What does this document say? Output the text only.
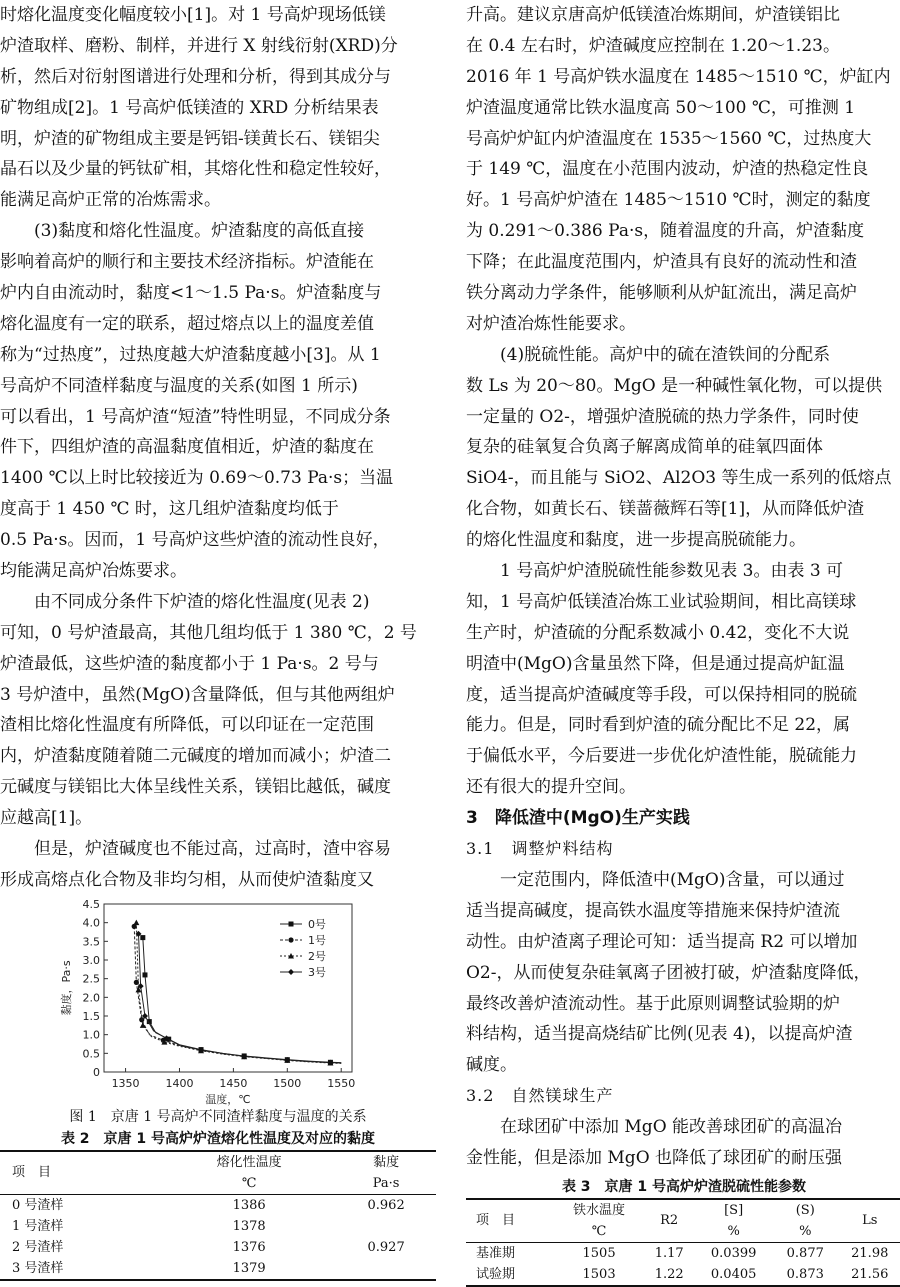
时熔化温度变化幅度较小[1]。对 1 号高炉现场低镁
炉渣取样、磨粉、制样，并进行 X 射线衍射(XRD)分
析，然后对衍射图谱进行处理和分析，得到其成分与
矿物组成[2]。1 号高炉低镁渣的 XRD 分析结果表
明，炉渣的矿物组成主要是钙铝-镁黄长石、镁铝尖
晶石以及少量的钙钛矿相，其熔化性和稳定性较好，
能满足高炉正常的冶炼需求。
(3)黏度和熔化性温度。炉渣黏度的高低直接
影响着高炉的顺行和主要技术经济指标。炉渣能在
炉内自由流动时，黏度<1～1.5 Pa·s。炉渣黏度与
熔化温度有一定的联系，超过熔点以上的温度差值
称为“过热度”，过热度越大炉渣黏度越小[3]。从 1
号高炉不同渣样黏度与温度的关系(如图 1 所示)
可以看出，1 号高炉渣“短渣”特性明显，不同成分条
件下，四组炉渣的高温黏度值相近，炉渣的黏度在
1400 ℃以上时比较接近为 0.69～0.73 Pa·s；当温
度高于 1 450 ℃ 时，这几组炉渣黏度均低于
0.5 Pa·s。因而，1 号高炉这些炉渣的流动性良好，
均能满足高炉冶炼要求。
由不同成分条件下炉渣的熔化性温度(见表 2)
可知，0 号炉渣最高，其他几组均低于 1 380 ℃，2 号
炉渣最低，这些炉渣的黏度都小于 1 Pa·s。2 号与
3 号炉渣中，虽然(MgO)含量降低，但与其他两组炉
渣相比熔化性温度有所降低，可以印证在一定范围
内，炉渣黏度随着随二元碱度的增加而减小；炉渣二
元碱度与镁铝比大体呈线性关系，镁铝比越低，碱度
应越高[1]。
但是，炉渣碱度也不能过高，过高时，渣中容易
形成高熔点化合物及非均匀相，从而使炉渣黏度又
0
0.5
1.0
1.5
2.0
2.5
3.0
3.5
4.0
4.5
1350 1400 1450 1500 1550
温度，℃
黏度，Pa·s
0号
1号
2号
3号
图 1　京唐 1 号高炉不同渣样黏度与温度的关系
表 2　京唐 1 号高炉炉渣熔化性温度及对应的黏度
项　目	熔化性温度	黏度
	℃	Pa·s
0 号渣样	1386	0.962
1 号渣样	1378	
2 号渣样	1376	0.927
3 号渣样	1379	
升高。建议京唐高炉低镁渣冶炼期间，炉渣镁铝比
在 0.4 左右时，炉渣碱度应控制在 1.20～1.23。
2016 年 1 号高炉铁水温度在 1485～1510 ℃，炉缸内
炉渣温度通常比铁水温度高 50～100 ℃，可推测 1
号高炉炉缸内炉渣温度在 1535～1560 ℃，过热度大
于 149 ℃，温度在小范围内波动，炉渣的热稳定性良
好。1 号高炉炉渣在 1485～1510 ℃时，测定的黏度
为 0.291～0.386 Pa·s，随着温度的升高，炉渣黏度
下降；在此温度范围内，炉渣具有良好的流动性和渣
铁分离动力学条件，能够顺利从炉缸流出，满足高炉
对炉渣冶炼性能要求。
(4)脱硫性能。高炉中的硫在渣铁间的分配系
数 Ls 为 20～80。MgO 是一种碱性氧化物，可以提供
一定量的 O2-，增强炉渣脱硫的热力学条件，同时使
复杂的硅氧复合负离子解离成简单的硅氧四面体
SiO4-，而且能与 SiO2、Al2O3 等生成一系列的低熔点
化合物，如黄长石、镁蔷薇辉石等[1]，从而降低炉渣
的熔化性温度和黏度，进一步提高脱硫能力。
1 号高炉炉渣脱硫性能参数见表 3。由表 3 可
知，1 号高炉低镁渣冶炼工业试验期间，相比高镁球
生产时，炉渣硫的分配系数减小 0.42，变化不大说
明渣中(MgO)含量虽然下降，但是通过提高炉缸温
度，适当提高炉渣碱度等手段，可以保持相同的脱硫
能力。但是，同时看到炉渣的硫分配比不足 22，属
于偏低水平，今后要进一步优化炉渣性能，脱硫能力
还有很大的提升空间。
3　降低渣中(MgO)生产实践
3.1　调整炉料结构
一定范围内，降低渣中(MgO)含量，可以通过
适当提高碱度，提高铁水温度等措施来保持炉渣流
动性。由炉渣离子理论可知：适当提高 R2 可以增加
O2-，从而使复杂硅氧离子团被打破，炉渣黏度降低，
最终改善炉渣流动性。基于此原则调整试验期的炉
料结构，适当提高烧结矿比例(见表 4)，以提高炉渣
碱度。
3.2　自然镁球生产
在球团矿中添加 MgO 能改善球团矿的高温冶
金性能，但是添加 MgO 也降低了球团矿的耐压强
表 3　京唐 1 号高炉炉渣脱硫性能参数
项　目	铁水温度	R2	[S]	(S)	Ls
	℃		%	%	
基准期	1505	1.17	0.0399	0.877	21.98
试验期	1503	1.22	0.0405	0.873	21.56
